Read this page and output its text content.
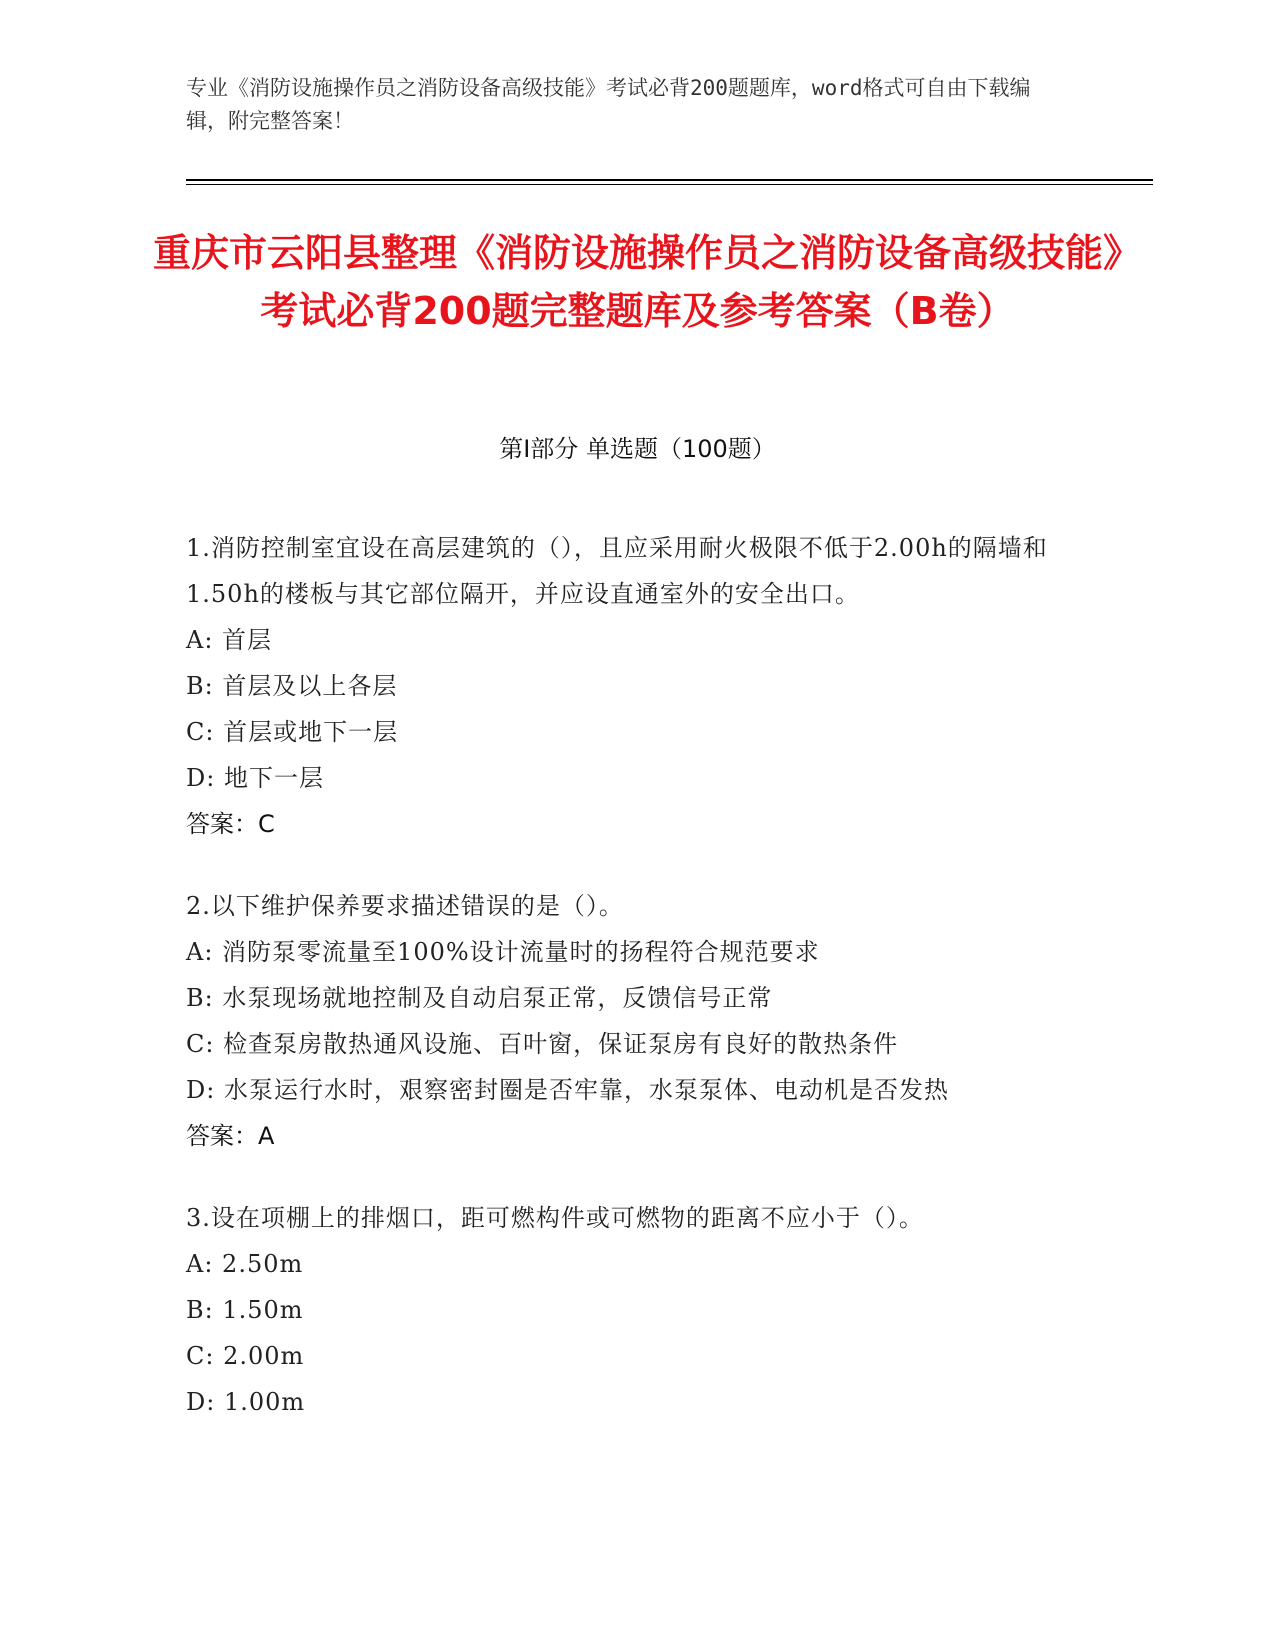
专业《消防设施操作员之消防设备高级技能》考试必背200题题库，word格式可自由下载编辑，附完整答案！
重庆市云阳县整理《消防设施操作员之消防设备高级技能》考试必背200题完整题库及参考答案（B卷）
第I部分 单选题（100题）

1.消防控制室宜设在高层建筑的（），且应采用耐火极限不低于2.00h的隔墙和1.50h的楼板与其它部位隔开，并应设直通室外的安全出口。

A: 首层

B: 首层及以上各层

C: 首层或地下一层

D: 地下一层

答案：C

2.以下维护保养要求描述错误的是（）。

A: 消防泵零流量至100%设计流量时的扬程符合规范要求

B: 水泵现场就地控制及自动启泵正常，反馈信号正常

C: 检查泵房散热通风设施、百叶窗，保证泵房有良好的散热条件

D: 水泵运行水时，艰察密封圈是否牢靠，水泵泵体、电动机是否发热

答案：A

3.设在项棚上的排烟口，距可燃构件或可燃物的距离不应小于（）。

A: 2.50m

B: 1.50m

C: 2.00m

D: 1.00m
